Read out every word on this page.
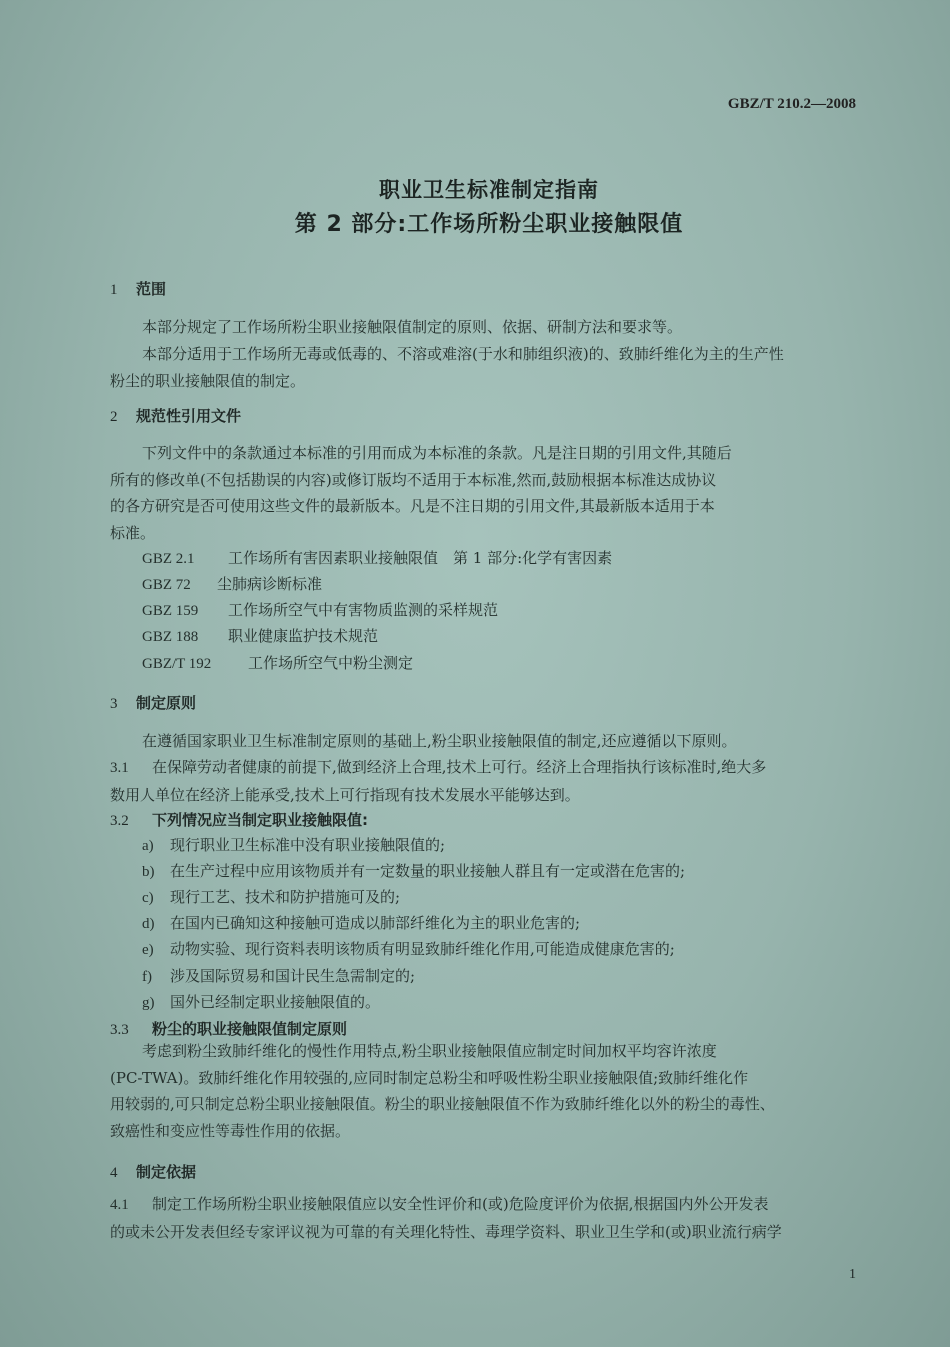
GBZ/T 210.2—2008
职业卫生标准制定指南
第 2 部分:工作场所粉尘职业接触限值
1 范围
本部分规定了工作场所粉尘职业接触限值制定的原则、依据、研制方法和要求等。
本部分适用于工作场所无毒或低毒的、不溶或难溶(于水和肺组织液)的、致肺纤维化为主的生产性
粉尘的职业接触限值的制定。
2 规范性引用文件
下列文件中的条款通过本标准的引用而成为本标准的条款。凡是注日期的引用文件,其随后
所有的修改单(不包括勘误的内容)或修订版均不适用于本标准,然而,鼓励根据本标准达成协议
的各方研究是否可使用这些文件的最新版本。凡是不注日期的引用文件,其最新版本适用于本
标准。
GBZ 2.1 工作场所有害因素职业接触限值　第 1 部分:化学有害因素
GBZ 72 尘肺病诊断标准
GBZ 159 工作场所空气中有害物质监测的采样规范
GBZ 188 职业健康监护技术规范
GBZ/T 192 工作场所空气中粉尘测定
3 制定原则
在遵循国家职业卫生标准制定原则的基础上,粉尘职业接触限值的制定,还应遵循以下原则。
3.1 在保障劳动者健康的前提下,做到经济上合理,技术上可行。经济上合理指执行该标准时,绝大多
数用人单位在经济上能承受,技术上可行指现有技术发展水平能够达到。
3.2 下列情况应当制定职业接触限值:
a) 现行职业卫生标准中没有职业接触限值的;
b) 在生产过程中应用该物质并有一定数量的职业接触人群且有一定或潜在危害的;
c) 现行工艺、技术和防护措施可及的;
d) 在国内已确知这种接触可造成以肺部纤维化为主的职业危害的;
e) 动物实验、现行资料表明该物质有明显致肺纤维化作用,可能造成健康危害的;
f) 涉及国际贸易和国计民生急需制定的;
g) 国外已经制定职业接触限值的。
3.3 粉尘的职业接触限值制定原则
考虑到粉尘致肺纤维化的慢性作用特点,粉尘职业接触限值应制定时间加权平均容许浓度
(PC-TWA)。致肺纤维化作用较强的,应同时制定总粉尘和呼吸性粉尘职业接触限值;致肺纤维化作
用较弱的,可只制定总粉尘职业接触限值。粉尘的职业接触限值不作为致肺纤维化以外的粉尘的毒性、
致癌性和变应性等毒性作用的依据。
4 制定依据
4.1 制定工作场所粉尘职业接触限值应以安全性评价和(或)危险度评价为依据,根据国内外公开发表
的或未公开发表但经专家评议视为可靠的有关理化特性、毒理学资料、职业卫生学和(或)职业流行病学
1
